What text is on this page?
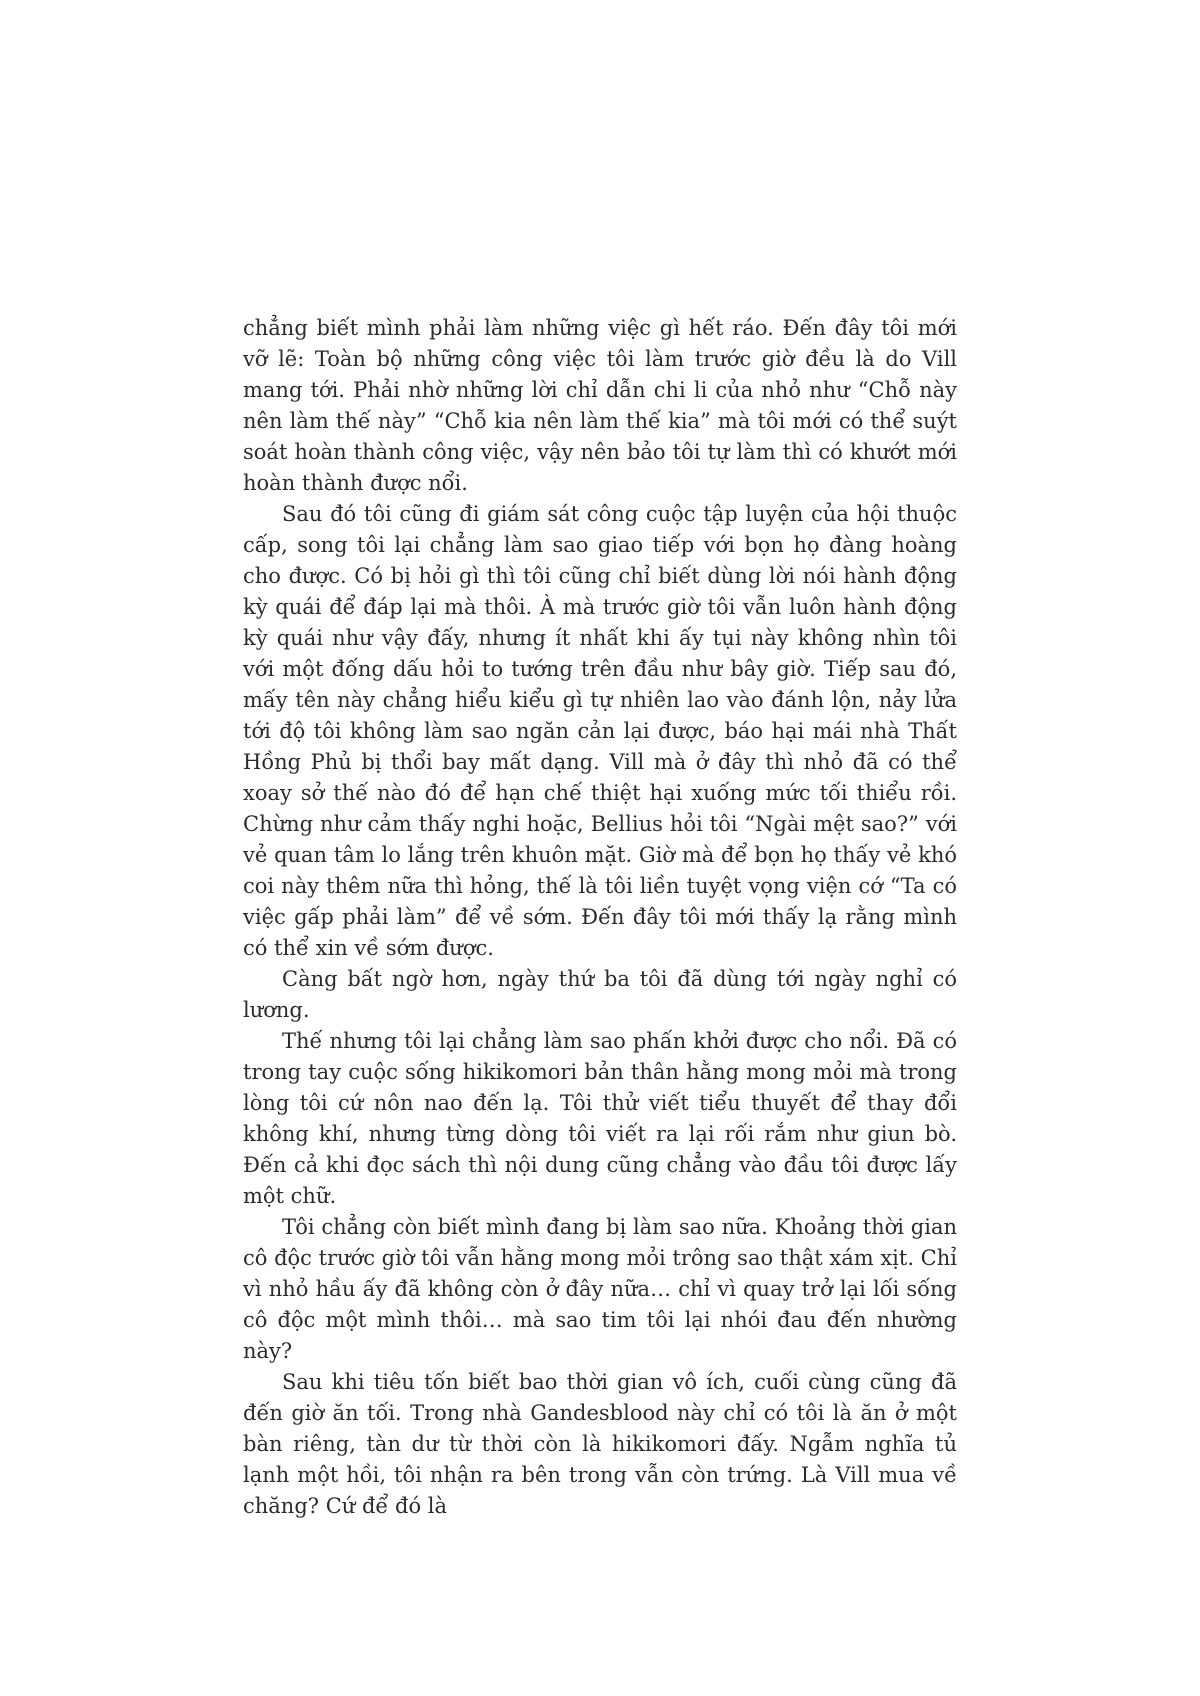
chẳng biết mình phải làm những việc gì hết ráo. Đến đây tôi mới vỡ lẽ: Toàn bộ những công việc tôi làm trước giờ đều là do Vill mang tới. Phải nhờ những lời chỉ dẫn chi li của nhỏ như “Chỗ này nên làm thế này” “Chỗ kia nên làm thế kia” mà tôi mới có thể suýt soát hoàn thành công việc, vậy nên bảo tôi tự làm thì có khướt mới hoàn thành được nổi.

Sau đó tôi cũng đi giám sát công cuộc tập luyện của hội thuộc cấp, song tôi lại chẳng làm sao giao tiếp với bọn họ đàng hoàng cho được. Có bị hỏi gì thì tôi cũng chỉ biết dùng lời nói hành động kỳ quái để đáp lại mà thôi. À mà trước giờ tôi vẫn luôn hành động kỳ quái như vậy đấy, nhưng ít nhất khi ấy tụi này không nhìn tôi với một đống dấu hỏi to tướng trên đầu như bây giờ. Tiếp sau đó, mấy tên này chẳng hiểu kiểu gì tự nhiên lao vào đánh lộn, nảy lửa tới độ tôi không làm sao ngăn cản lại được, báo hại mái nhà Thất Hồng Phủ bị thổi bay mất dạng. Vill mà ở đây thì nhỏ đã có thể xoay sở thế nào đó để hạn chế thiệt hại xuống mức tối thiểu rồi. Chừng như cảm thấy nghi hoặc, Bellius hỏi tôi “Ngài mệt sao?” với vẻ quan tâm lo lắng trên khuôn mặt. Giờ mà để bọn họ thấy vẻ khó coi này thêm nữa thì hỏng, thế là tôi liền tuyệt vọng viện cớ “Ta có việc gấp phải làm” để về sớm. Đến đây tôi mới thấy lạ rằng mình có thể xin về sớm được.

Càng bất ngờ hơn, ngày thứ ba tôi đã dùng tới ngày nghỉ có lương.

Thế nhưng tôi lại chẳng làm sao phấn khởi được cho nổi. Đã có trong tay cuộc sống hikikomori bản thân hằng mong mỏi mà trong lòng tôi cứ nôn nao đến lạ. Tôi thử viết tiểu thuyết để thay đổi không khí, nhưng từng dòng tôi viết ra lại rối rắm như giun bò. Đến cả khi đọc sách thì nội dung cũng chẳng vào đầu tôi được lấy một chữ.

Tôi chẳng còn biết mình đang bị làm sao nữa. Khoảng thời gian cô độc trước giờ tôi vẫn hằng mong mỏi trông sao thật xám xịt. Chỉ vì nhỏ hầu ấy đã không còn ở đây nữa… chỉ vì quay trở lại lối sống cô độc một mình thôi… mà sao tim tôi lại nhói đau đến nhường này?

Sau khi tiêu tốn biết bao thời gian vô ích, cuối cùng cũng đã đến giờ ăn tối. Trong nhà Gandesblood này chỉ có tôi là ăn ở một bàn riêng, tàn dư từ thời còn là hikikomori đấy. Ngẫm nghĩa tủ lạnh một hồi, tôi nhận ra bên trong vẫn còn trứng. Là Vill mua về chăng? Cứ để đó là
